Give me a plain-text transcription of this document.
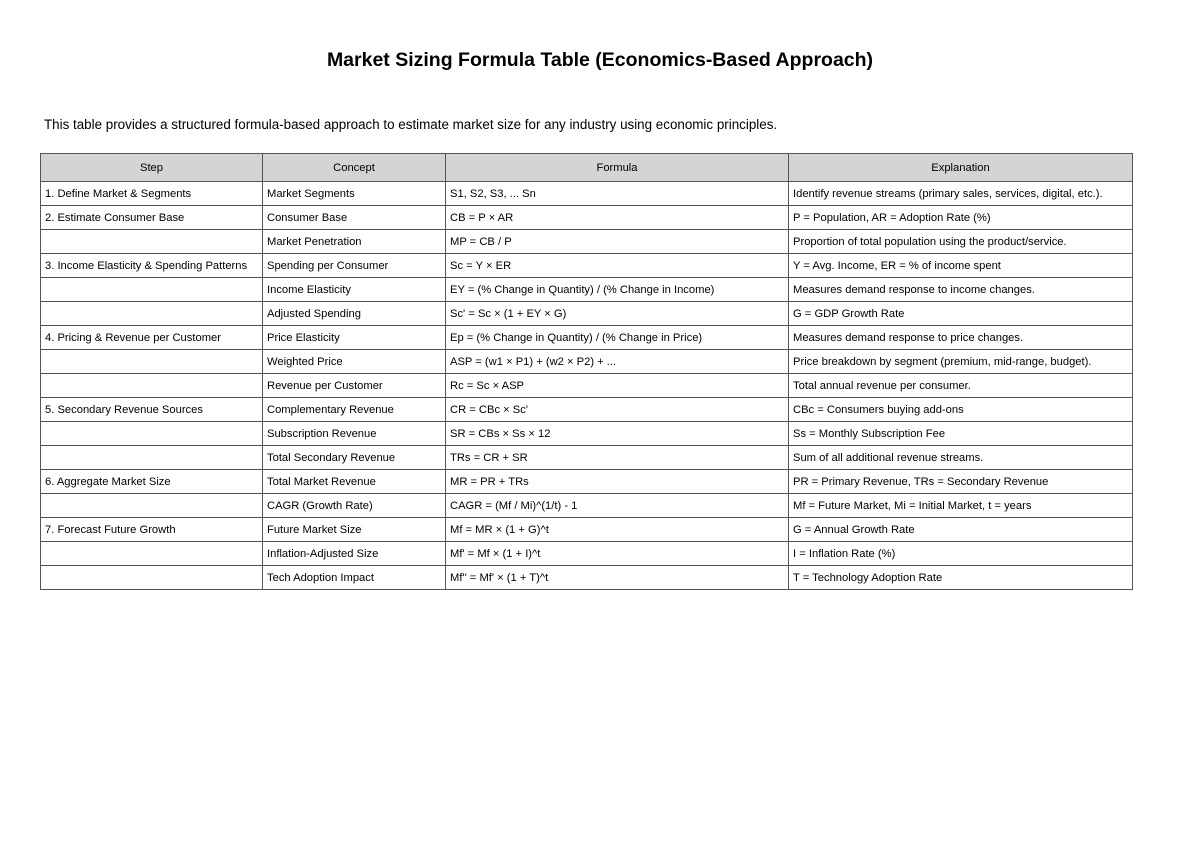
Market Sizing Formula Table (Economics-Based Approach)

This table provides a structured formula-based approach to estimate market size for any industry using economic principles.

Step	Concept	Formula	Explanation
1. Define Market & Segments	Market Segments	S1, S2, S3, ... Sn	Identify revenue streams (primary sales, services, digital, etc.).
2. Estimate Consumer Base	Consumer Base	CB = P × AR	P = Population, AR = Adoption Rate (%)
	Market Penetration	MP = CB / P	Proportion of total population using the product/service.
3. Income Elasticity & Spending Patterns	Spending per Consumer	Sc = Y × ER	Y = Avg. Income, ER = % of income spent
	Income Elasticity	EY = (% Change in Quantity) / (% Change in Income)	Measures demand response to income changes.
	Adjusted Spending	Sc' = Sc × (1 + EY × G)	G = GDP Growth Rate
4. Pricing & Revenue per Customer	Price Elasticity	Ep = (% Change in Quantity) / (% Change in Price)	Measures demand response to price changes.
	Weighted Price	ASP = (w1 × P1) + (w2 × P2) + ...	Price breakdown by segment (premium, mid-range, budget).
	Revenue per Customer	Rc = Sc × ASP	Total annual revenue per consumer.
5. Secondary Revenue Sources	Complementary Revenue	CR = CBc × Sc'	CBc = Consumers buying add-ons
	Subscription Revenue	SR = CBs × Ss × 12	Ss = Monthly Subscription Fee
	Total Secondary Revenue	TRs = CR + SR	Sum of all additional revenue streams.
6. Aggregate Market Size	Total Market Revenue	MR = PR + TRs	PR = Primary Revenue, TRs = Secondary Revenue
	CAGR (Growth Rate)	CAGR = (Mf / Mi)^(1/t) - 1	Mf = Future Market, Mi = Initial Market, t = years
7. Forecast Future Growth	Future Market Size	Mf = MR × (1 + G)^t	G = Annual Growth Rate
	Inflation-Adjusted Size	Mf' = Mf × (1 + I)^t	I = Inflation Rate (%)
	Tech Adoption Impact	Mf'' = Mf' × (1 + T)^t	T = Technology Adoption Rate
